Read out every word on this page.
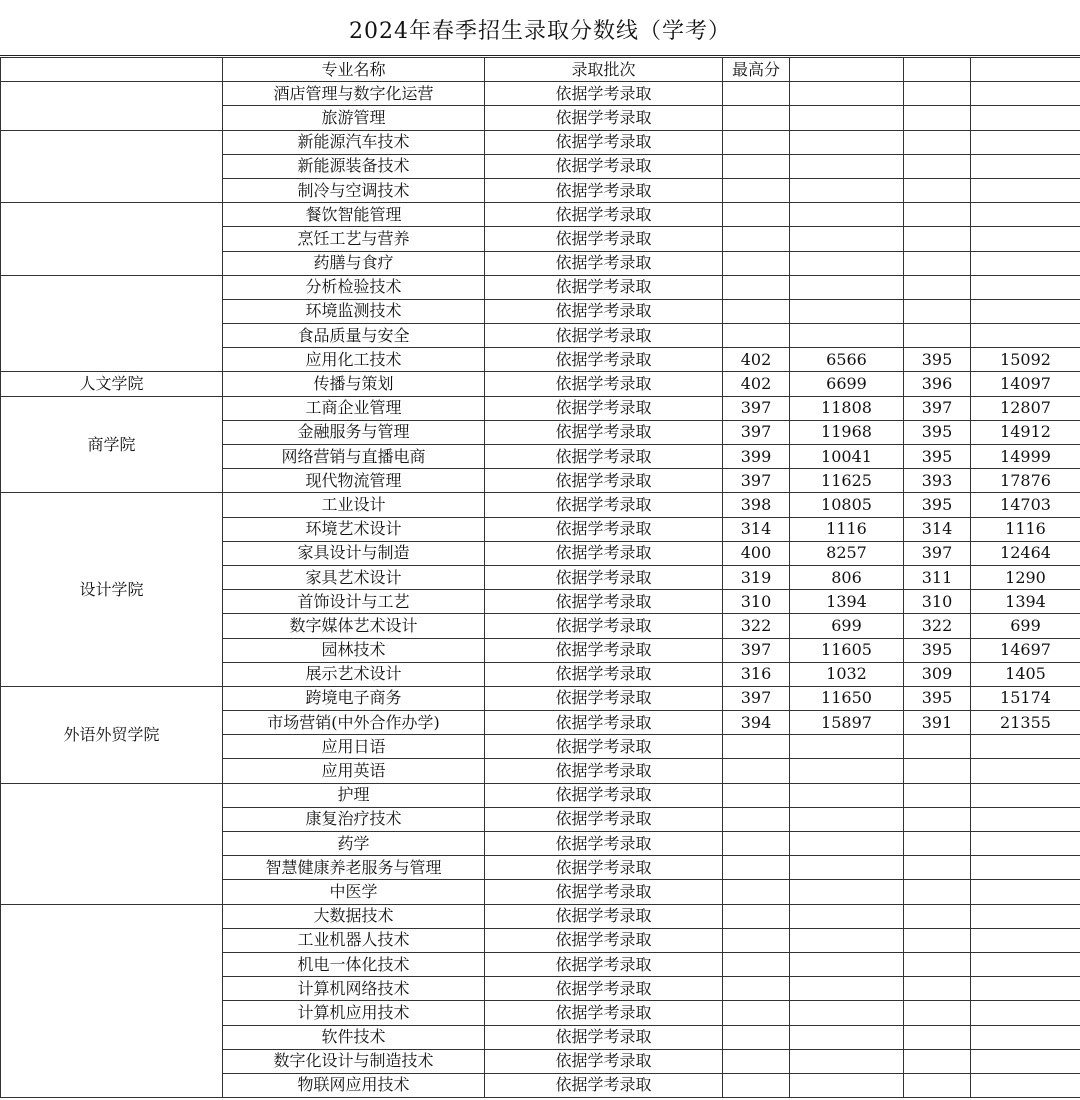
2024年春季招生录取分数线（学考）
	专业名称	录取批次	最高分			
	酒店管理与数字化运营	依据学考录取				
	旅游管理	依据学考录取				
	新能源汽车技术	依据学考录取				
	新能源装备技术	依据学考录取				
	制冷与空调技术	依据学考录取				
	餐饮智能管理	依据学考录取				
	烹饪工艺与营养	依据学考录取				
	药膳与食疗	依据学考录取				
	分析检验技术	依据学考录取				
	环境监测技术	依据学考录取				
	食品质量与安全	依据学考录取				
	应用化工技术	依据学考录取	402	6566	395	15092
人文学院	传播与策划	依据学考录取	402	6699	396	14097
商学院	工商企业管理	依据学考录取	397	11808	397	12807
	金融服务与管理	依据学考录取	397	11968	395	14912
	网络营销与直播电商	依据学考录取	399	10041	395	14999
	现代物流管理	依据学考录取	397	11625	393	17876
设计学院	工业设计	依据学考录取	398	10805	395	14703
	环境艺术设计	依据学考录取	314	1116	314	1116
	家具设计与制造	依据学考录取	400	8257	397	12464
	家具艺术设计	依据学考录取	319	806	311	1290
	首饰设计与工艺	依据学考录取	310	1394	310	1394
	数字媒体艺术设计	依据学考录取	322	699	322	699
	园林技术	依据学考录取	397	11605	395	14697
	展示艺术设计	依据学考录取	316	1032	309	1405
外语外贸学院	跨境电子商务	依据学考录取	397	11650	395	15174
	市场营销(中外合作办学)	依据学考录取	394	15897	391	21355
	应用日语	依据学考录取				
	应用英语	依据学考录取				
	护理	依据学考录取				
	康复治疗技术	依据学考录取				
	药学	依据学考录取				
	智慧健康养老服务与管理	依据学考录取				
	中医学	依据学考录取				
	大数据技术	依据学考录取				
	工业机器人技术	依据学考录取				
	机电一体化技术	依据学考录取				
	计算机网络技术	依据学考录取				
	计算机应用技术	依据学考录取				
	软件技术	依据学考录取				
	数字化设计与制造技术	依据学考录取				
	物联网应用技术	依据学考录取				
